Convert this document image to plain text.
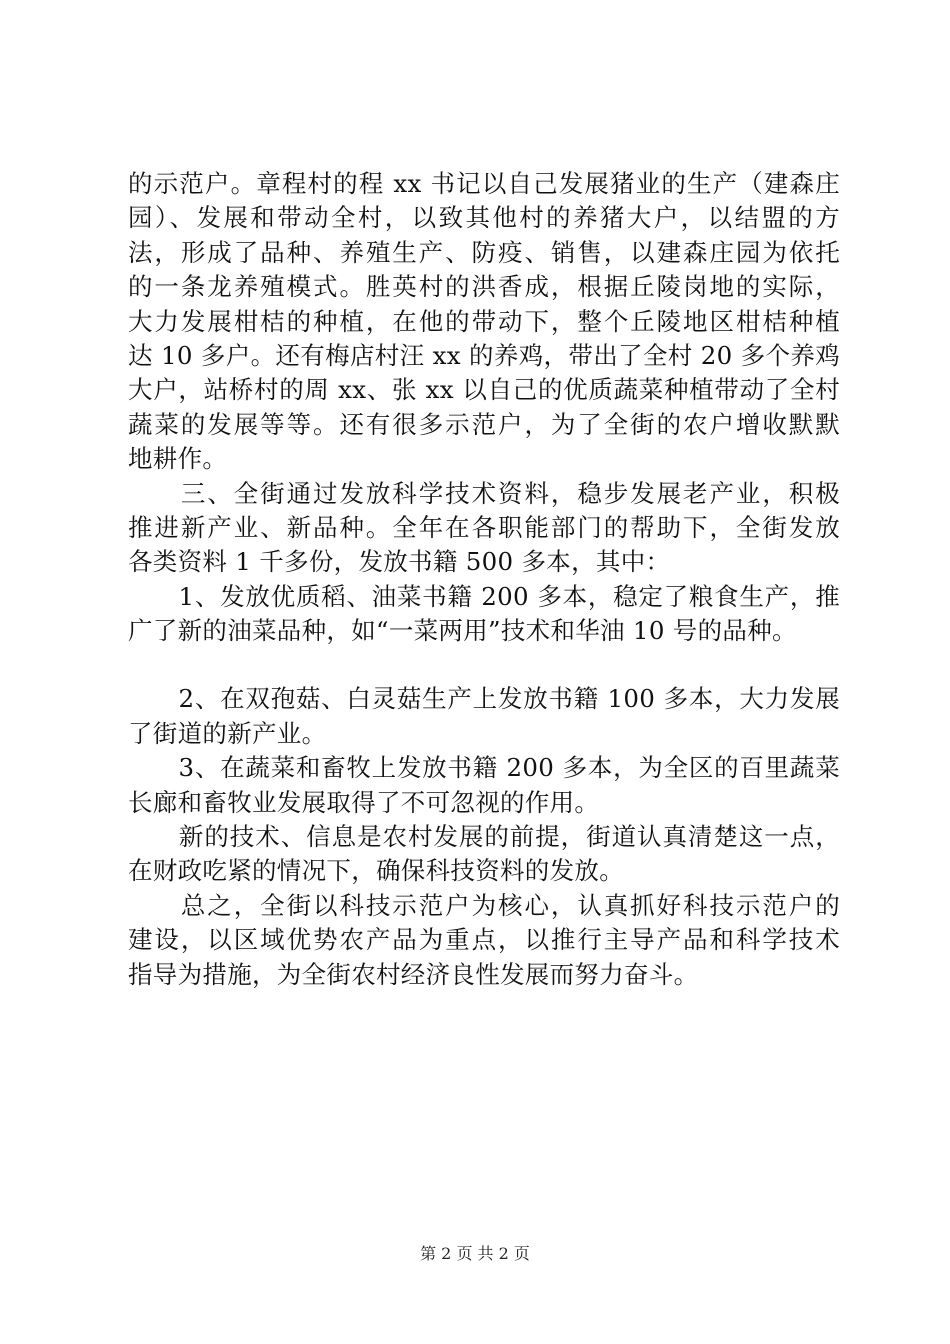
的示范户。章程村的程 xx 书记以自己发展猪业的生产（建森庄
园）、发展和带动全村，以致其他村的养猪大户，以结盟的方
法，形成了品种、养殖生产、防疫、销售，以建森庄园为依托
的一条龙养殖模式。胜英村的洪香成，根据丘陵岗地的实际，
大力发展柑桔的种植，在他的带动下，整个丘陵地区柑桔种植
达 10 多户。还有梅店村汪 xx 的养鸡，带出了全村 20 多个养鸡
大户，站桥村的周 xx、张 xx 以自己的优质蔬菜种植带动了全村
蔬菜的发展等等。还有很多示范户，为了全街的农户增收默默
地耕作。
　　三、全街通过发放科学技术资料，稳步发展老产业，积极
推进新产业、新品种。全年在各职能部门的帮助下，全街发放
各类资料 1 千多份，发放书籍 500 多本，其中：
　　1、发放优质稻、油菜书籍 200 多本，稳定了粮食生产，推
广了新的油菜品种，如“一菜两用”技术和华油 10 号的品种。
　　2、在双孢菇、白灵菇生产上发放书籍 100 多本，大力发展
了街道的新产业。
　　3、在蔬菜和畜牧上发放书籍 200 多本，为全区的百里蔬菜
长廊和畜牧业发展取得了不可忽视的作用。
　　新的技术、信息是农村发展的前提，街道认真清楚这一点，
在财政吃紧的情况下，确保科技资料的发放。
　　总之，全街以科技示范户为核心，认真抓好科技示范户的
建设，以区域优势农产品为重点，以推行主导产品和科学技术
指导为措施，为全街农村经济良性发展而努力奋斗。
第 2 页 共 2 页
